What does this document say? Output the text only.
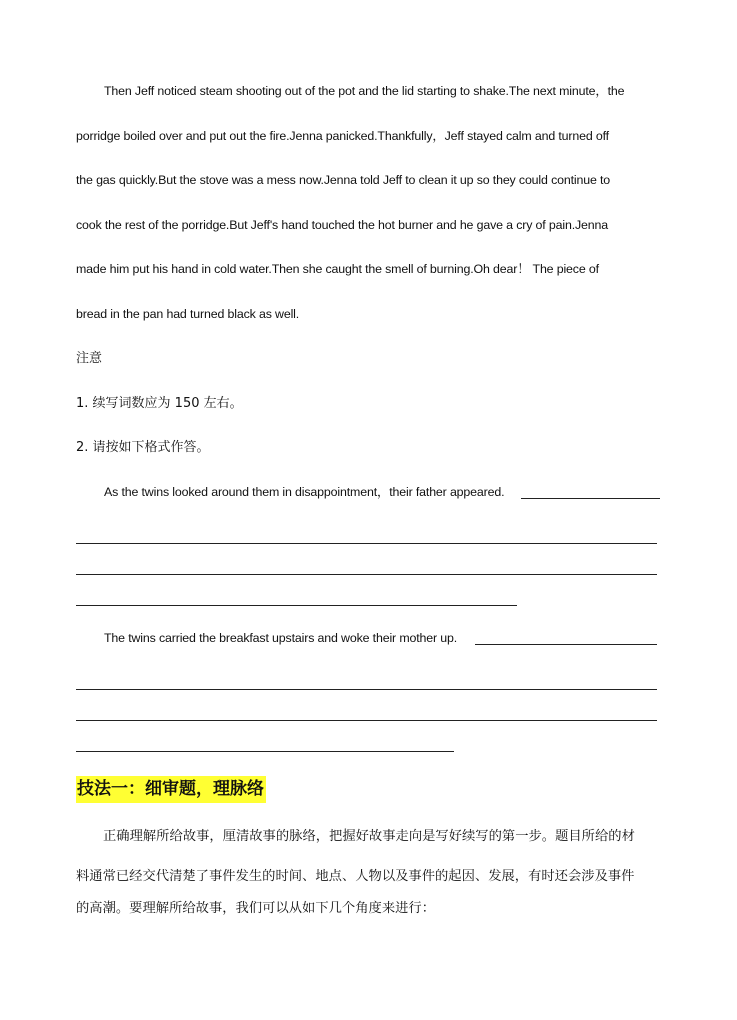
Then Jeff noticed steam shooting out of the pot and the lid starting to shake.The next minute，the
porridge boiled over and put out the fire.Jenna panicked.Thankfully，Jeff stayed calm and turned off
the gas quickly.But the stove was a mess now.Jenna told Jeff to clean it up so they could continue to
cook the rest of the porridge.But Jeff's hand touched the hot burner and he gave a cry of pain.Jenna
made him put his hand in cold water.Then she caught the smell of burning.Oh dear！ The piece of
bread in the pan had turned black as well.
注意
1. 续写词数应为 150 左右。
2. 请按如下格式作答。
As the twins looked around them in disappointment，their father appeared.
The twins carried the breakfast upstairs and woke their mother up.
技法一：细审题，理脉络
正确理解所给故事，厘清故事的脉络，把握好故事走向是写好续写的第一步。题目所给的材
料通常已经交代清楚了事件发生的时间、地点、人物以及事件的起因、发展，有时还会涉及事件
的高潮。要理解所给故事，我们可以从如下几个角度来进行：
